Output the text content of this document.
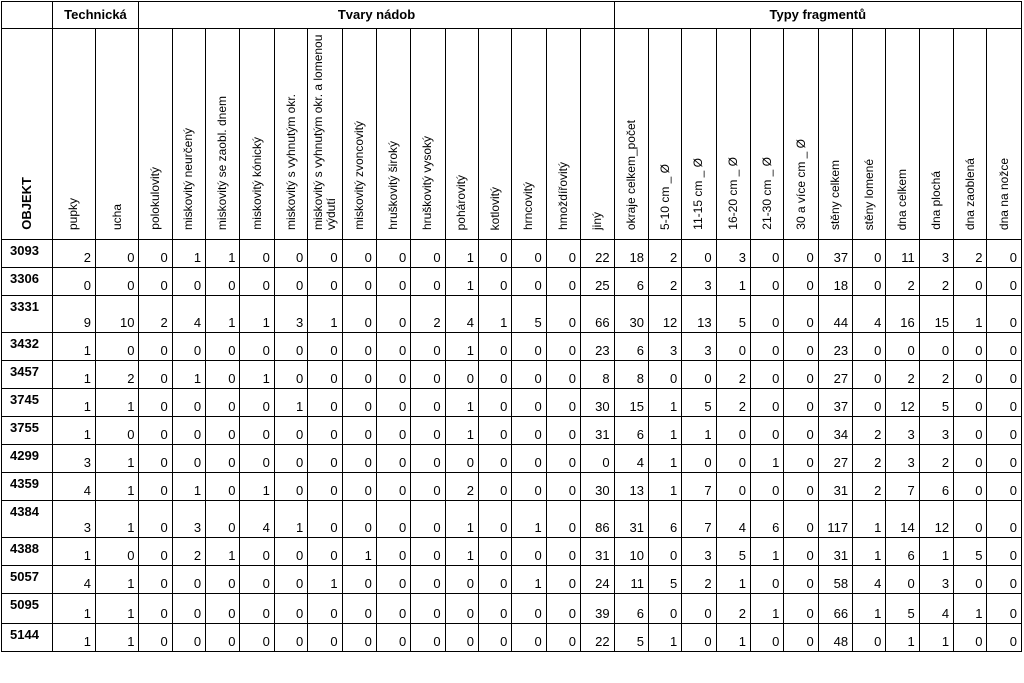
	Technická		Tvary nádob														Typy fragmentů											
OBJEKT	pupky	ucha	polokulovitý	miskovitý neurčený	miskovitý se zaobl. dnem	miskovitý kónický	miskovitý s vyhnutým okr.	miskovitý s vyhnutým okr. a lomenou výdutí	miskovitý zvoncovitý	hruškovitý široký	hruškovitý vysoký	pohárovitý	kotlovitý	hrncovitý	hmoždířovitý	jiný	okraje celkem_počet	5-10 cm _ Ø	11-15 cm _ Ø	16-20 cm _ Ø	21-30 cm _ Ø	30 a více cm _ Ø	stěny celkem	stěny lomené	dna celkem	dna plochá	dna zaoblená	dna na nožce
3093	2	0	0	1	1	0	0	0	0	0	0	1	0	0	0	22	18	2	0	3	0	0	37	0	11	3	2	0
3306	0	0	0	0	0	0	0	0	0	0	0	1	0	0	0	25	6	2	3	1	0	0	18	0	2	2	0	0
3331	9	10	2	4	1	1	3	1	0	0	2	4	1	5	0	66	30	12	13	5	0	0	44	4	16	15	1	0
3432	1	0	0	0	0	0	0	0	0	0	0	1	0	0	0	23	6	3	3	0	0	0	23	0	0	0	0	0
3457	1	2	0	1	0	1	0	0	0	0	0	0	0	0	0	8	8	0	0	2	0	0	27	0	2	2	0	0
3745	1	1	0	0	0	0	1	0	0	0	0	1	0	0	0	30	15	1	5	2	0	0	37	0	12	5	0	0
3755	1	0	0	0	0	0	0	0	0	0	0	1	0	0	0	31	6	1	1	0	0	0	34	2	3	3	0	0
4299	3	1	0	0	0	0	0	0	0	0	0	0	0	0	0	0	4	1	0	0	1	0	27	2	3	2	0	0
4359	4	1	0	1	0	1	0	0	0	0	0	2	0	0	0	30	13	1	7	0	0	0	31	2	7	6	0	0
4384	3	1	0	3	0	4	1	0	0	0	0	1	0	1	0	86	31	6	7	4	6	0	117	1	14	12	0	0
4388	1	0	0	2	1	0	0	0	1	0	0	1	0	0	0	31	10	0	3	5	1	0	31	1	6	1	5	0
5057	4	1	0	0	0	0	0	1	0	0	0	0	0	1	0	24	11	5	2	1	0	0	58	4	0	3	0	0
5095	1	1	0	0	0	0	0	0	0	0	0	0	0	0	0	39	6	0	0	2	1	0	66	1	5	4	1	0
5144	1	1	0	0	0	0	0	0	0	0	0	0	0	0	0	22	5	1	0	1	0	0	48	0	1	1	0	0
